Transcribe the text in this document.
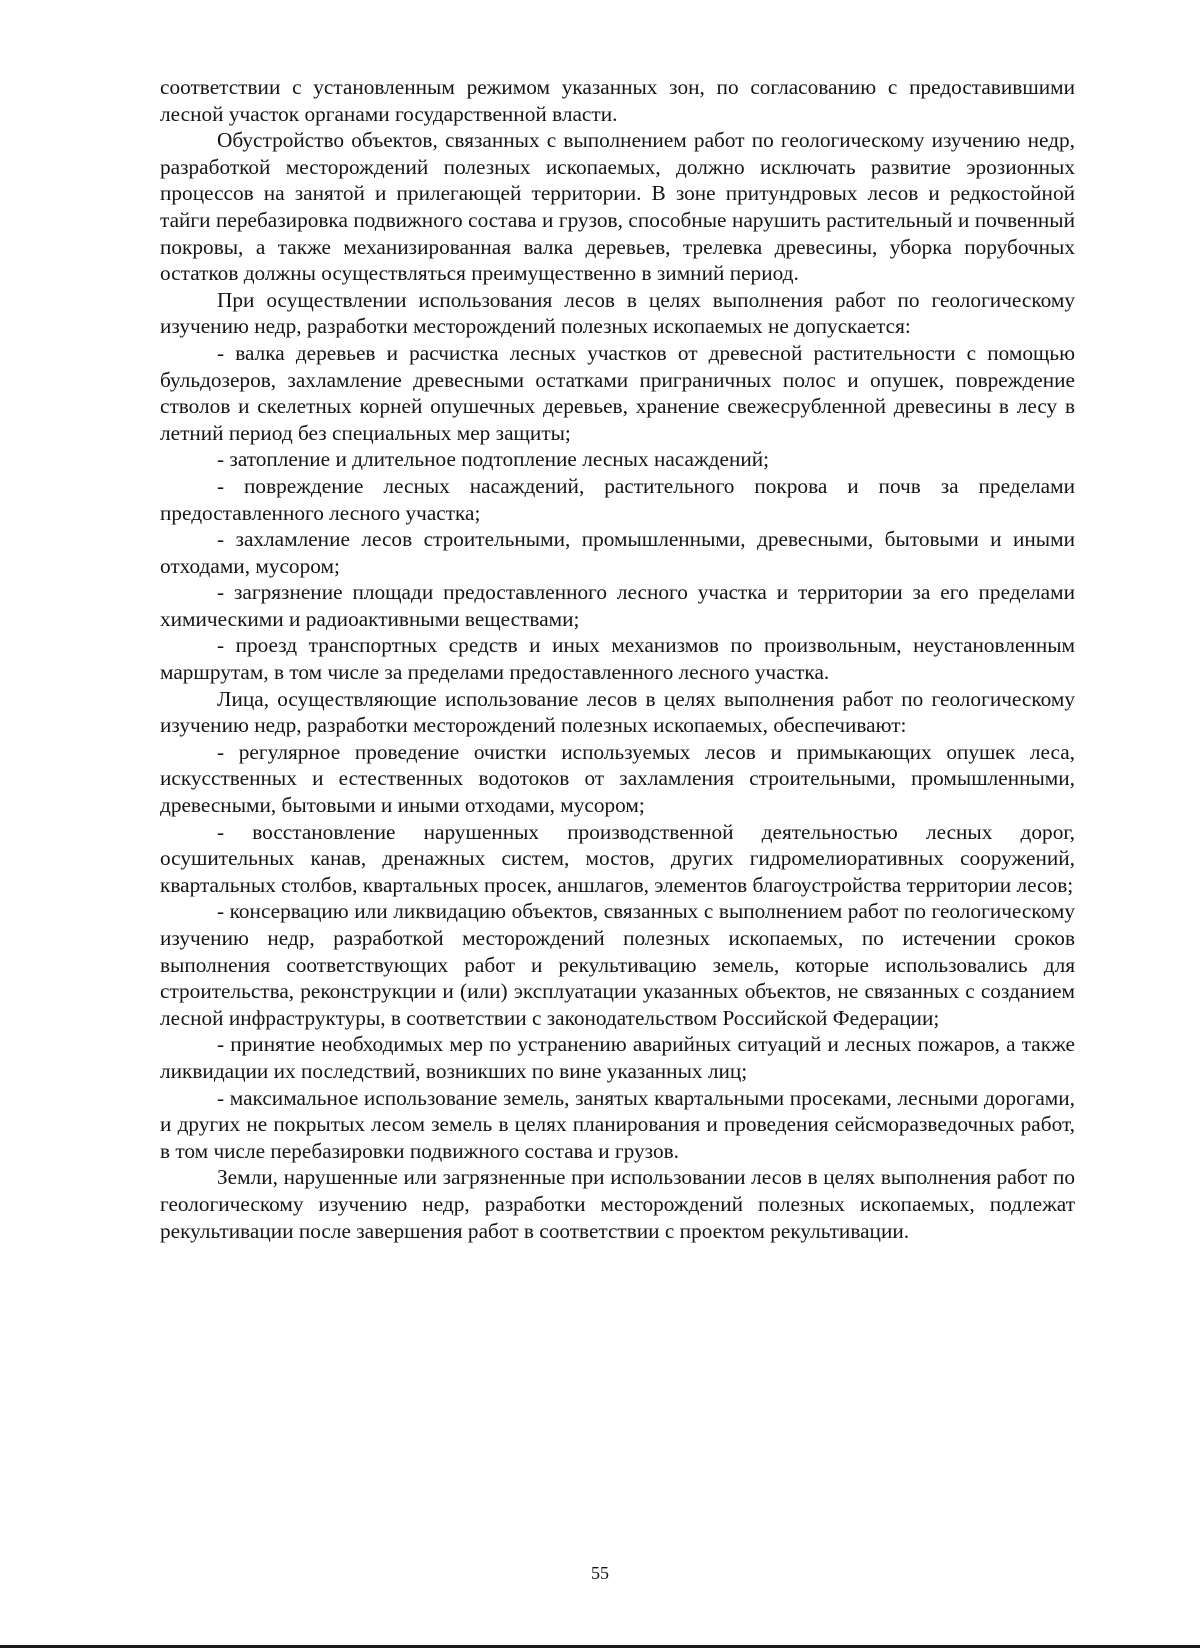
соответствии с установленным режимом указанных зон, по согласованию с предоставившими лесной участок органами государственной власти.

Обустройство объектов, связанных с выполнением работ по геологическому изучению недр, разработкой месторождений полезных ископаемых, должно исключать развитие эрозионных процессов на занятой и прилегающей территории. В зоне притундровых лесов и редкостойной тайги перебазировка подвижного состава и грузов, способные нарушить растительный и почвенный покровы, а также механизированная валка деревьев, трелевка древесины, уборка порубочных остатков должны осуществляться преимущественно в зимний период.

При осуществлении использования лесов в целях выполнения работ по геологическому изучению недр, разработки месторождений полезных ископаемых не допускается:

- валка деревьев и расчистка лесных участков от древесной растительности с помощью бульдозеров, захламление древесными остатками приграничных полос и опушек, повреждение стволов и скелетных корней опушечных деревьев, хранение свежесрубленной древесины в лесу в летний период без специальных мер защиты;

- затопление и длительное подтопление лесных насаждений;

- повреждение лесных насаждений, растительного покрова и почв за пределами предоставленного лесного участка;

- захламление лесов строительными, промышленными, древесными, бытовыми и иными отходами, мусором;

- загрязнение площади предоставленного лесного участка и территории за его пределами химическими и радиоактивными веществами;

- проезд транспортных средств и иных механизмов по произвольным, неустановленным маршрутам, в том числе за пределами предоставленного лесного участка.

Лица, осуществляющие использование лесов в целях выполнения работ по геологическому изучению недр, разработки месторождений полезных ископаемых, обеспечивают:

- регулярное проведение очистки используемых лесов и примыкающих опушек леса, искусственных и естественных водотоков от захламления строительными, промышленными, древесными, бытовыми и иными отходами, мусором;

- восстановление нарушенных производственной деятельностью лесных дорог, осушительных канав, дренажных систем, мостов, других гидромелиоративных сооружений, квартальных столбов, квартальных просек, аншлагов, элементов благоустройства территории лесов;

- консервацию или ликвидацию объектов, связанных с выполнением работ по геологическому изучению недр, разработкой месторождений полезных ископаемых, по истечении сроков выполнения соответствующих работ и рекультивацию земель, которые использовались для строительства, реконструкции и (или) эксплуатации указанных объектов, не связанных с созданием лесной инфраструктуры, в соответствии с законодательством Российской Федерации;

- принятие необходимых мер по устранению аварийных ситуаций и лесных пожаров, а также ликвидации их последствий, возникших по вине указанных лиц;

- максимальное использование земель, занятых квартальными просеками, лесными дорогами, и других не покрытых лесом земель в целях планирования и проведения сейсморазведочных работ, в том числе перебазировки подвижного состава и грузов.

Земли, нарушенные или загрязненные при использовании лесов в целях выполнения работ по геологическому изучению недр, разработки месторождений полезных ископаемых, подлежат рекультивации после завершения работ в соответствии с проектом рекультивации.

55
